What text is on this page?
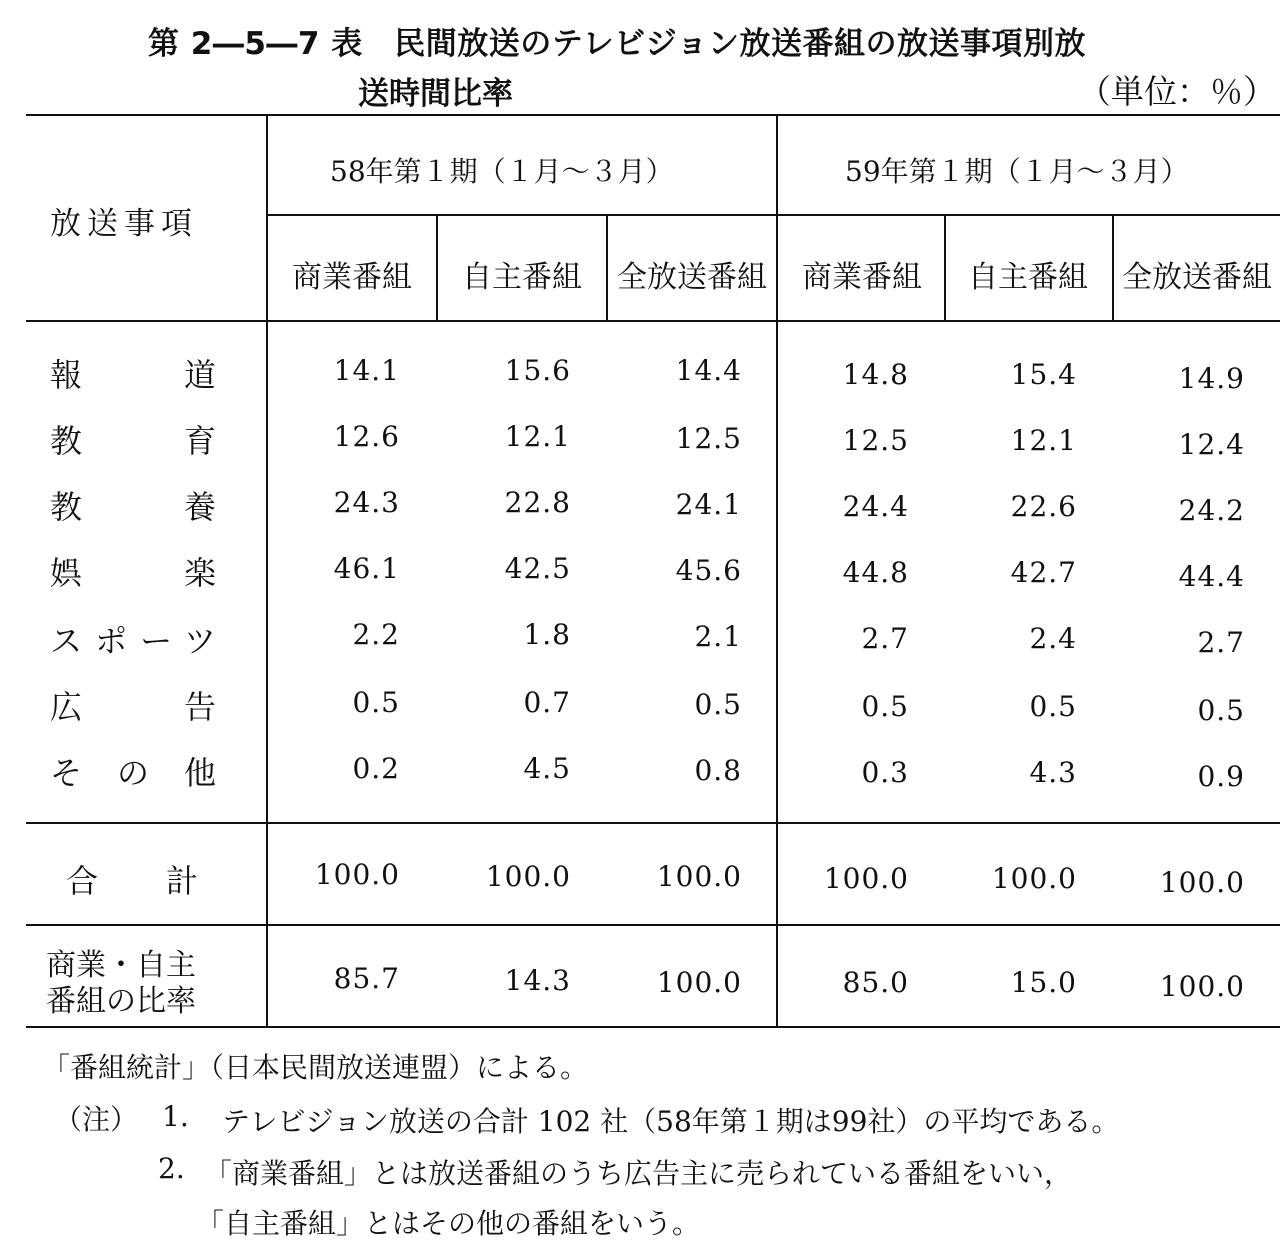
第 2―5―7 表　民間放送のテレビジョン放送番組の放送事項別放
送時間比率	（単位：％）
放送事項
58年第１期（１月～３月）	59年第１期（１月～３月）
商業番組	自主番組	全放送番組	商業番組	自主番組	全放送番組
報　道	14.1	15.6	14.4	14.8	15.4	14.9
教　育	12.6	12.1	12.5	12.5	12.1	12.4
教　養	24.3	22.8	24.1	24.4	22.6	24.2
娯　楽	46.1	42.5	45.6	44.8	42.7	44.4
スポーツ	2.2	1.8	2.1	2.7	2.4	2.7
広　告	0.5	0.7	0.5	0.5	0.5	0.5
その他	0.2	4.5	0.8	0.3	4.3	0.9
合　計	100.0	100.0	100.0	100.0	100.0	100.0
商業・自主
番組の比率
85.7	14.3	100.0	85.0	15.0	100.0
「番組統計」（日本民間放送連盟）による。
（注） 1. テレビジョン放送の合計 102 社（58年第１期は99社）の平均である。
2. 「商業番組」とは放送番組のうち広告主に売られている番組をいい，
「自主番組」とはその他の番組をいう。
